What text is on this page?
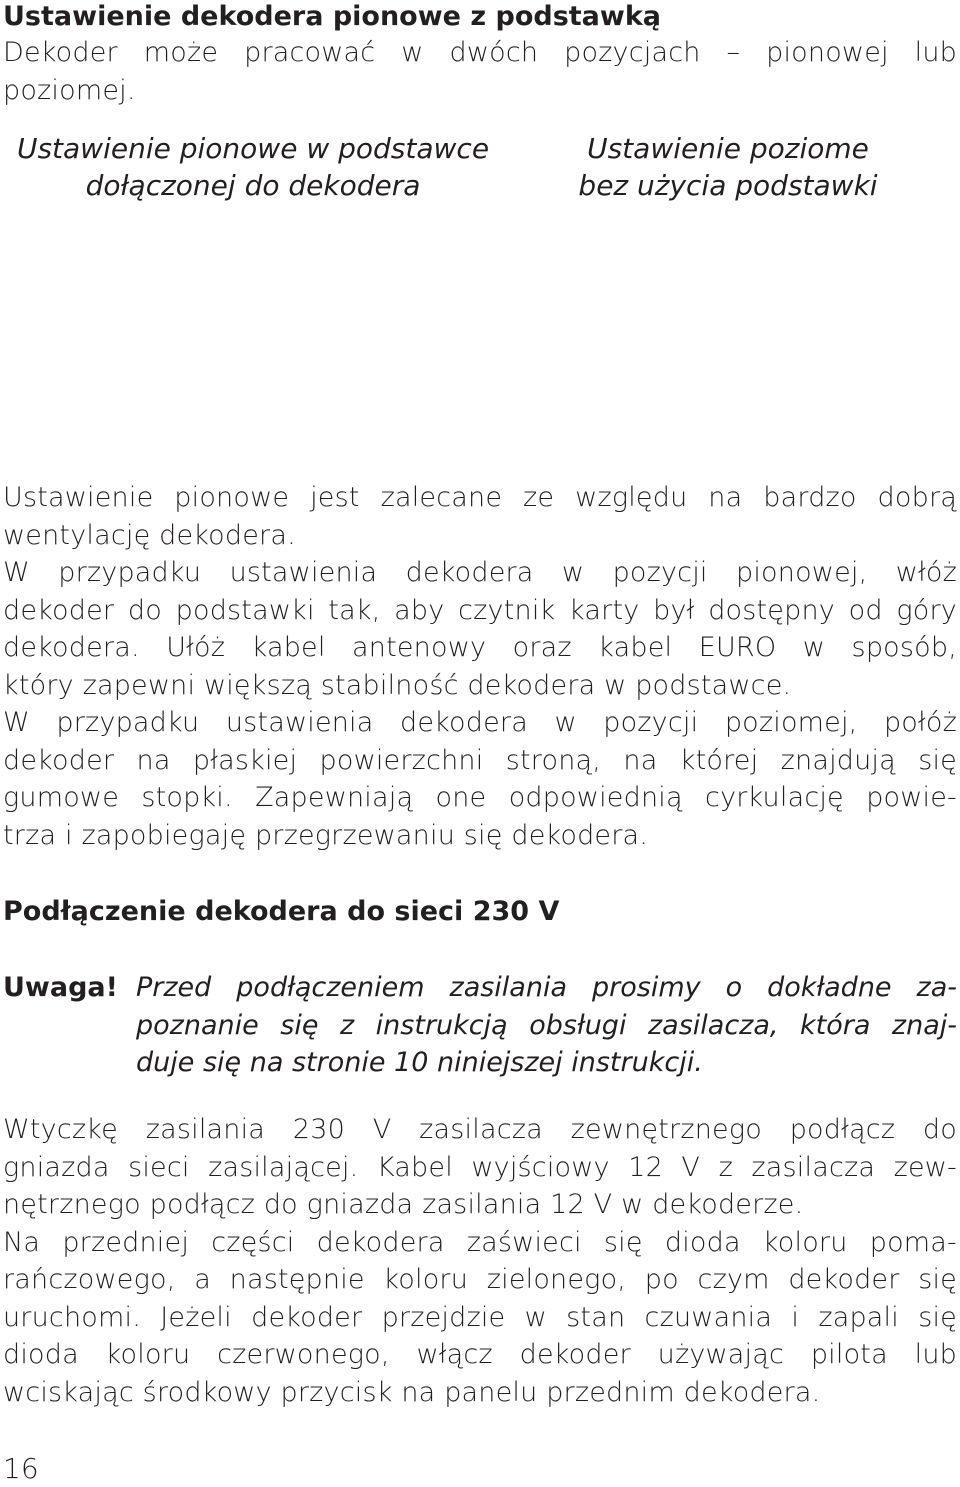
Ustawienie dekodera pionowe z podstawką

Dekoder może pracować w dwóch pozycjach – pionowej lub
poziomej.

Ustawienie pionowe w podstawce
dołączonej do dekodera
Ustawienie poziome
bez użycia podstawki

Ustawienie pionowe jest zalecane ze względu na bardzo dobrą
wentylację dekodera.
W przypadku ustawienia dekodera w pozycji pionowej, włóż
dekoder do podstawki tak, aby czytnik karty był dostępny od góry
dekodera. Ułóż kabel antenowy oraz kabel EURO w sposób,
który zapewni większą stabilność dekodera w podstawce.
W przypadku ustawienia dekodera w pozycji poziomej, połóż
dekoder na płaskiej powierzchni stroną, na której znajdują się
gumowe stopki. Zapewniają one odpowiednią cyrkulację powie-
trza i zapobiegaję przegrzewaniu się dekodera.

Podłączenie dekodera do sieci 230 V
Uwaga! Przed podłączeniem zasilania prosimy o dokładne za-
poznanie się z instrukcją obsługi zasilacza, która znaj-
duje się na stronie 10 niniejszej instrukcji.

Wtyczkę zasilania 230 V zasilacza zewnętrznego podłącz do
gniazda sieci zasilającej. Kabel wyjściowy 12 V z zasilacza zew-
nętrznego podłącz do gniazda zasilania 12 V w dekoderze.
Na przedniej części dekodera zaświeci się dioda koloru poma-
rańczowego, a następnie koloru zielonego, po czym dekoder się
uruchomi. Jeżeli dekoder przejdzie w stan czuwania i zapali się
dioda koloru czerwonego, włącz dekoder używając pilota lub
wciskając środkowy przycisk na panelu przednim dekodera.

16
